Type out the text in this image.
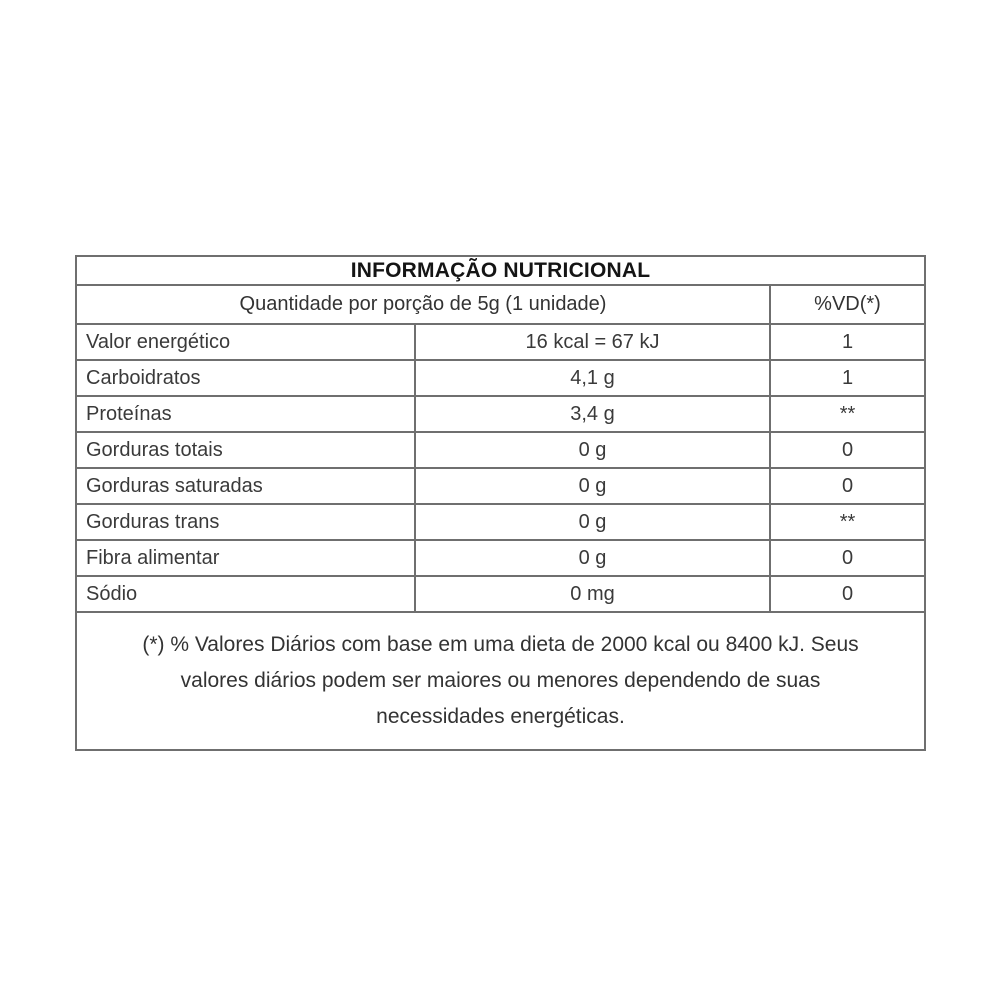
INFORMAÇÃO NUTRICIONAL		
Quantidade por porção de 5g (1 unidade)		%VD(*)
Valor energético	16 kcal = 67 kJ	1
Carboidratos	4,1 g	1
Proteínas	3,4 g	**
Gorduras totais	0 g	0
Gorduras saturadas	0 g	0
Gorduras trans	0 g	**
Fibra alimentar	0 g	0
Sódio	0 mg	0

(*) % Valores Diários com base em uma dieta de 2000 kcal ou 8400 kJ. Seus
valores diários podem ser maiores ou menores dependendo de suas
necessidades energéticas.		
